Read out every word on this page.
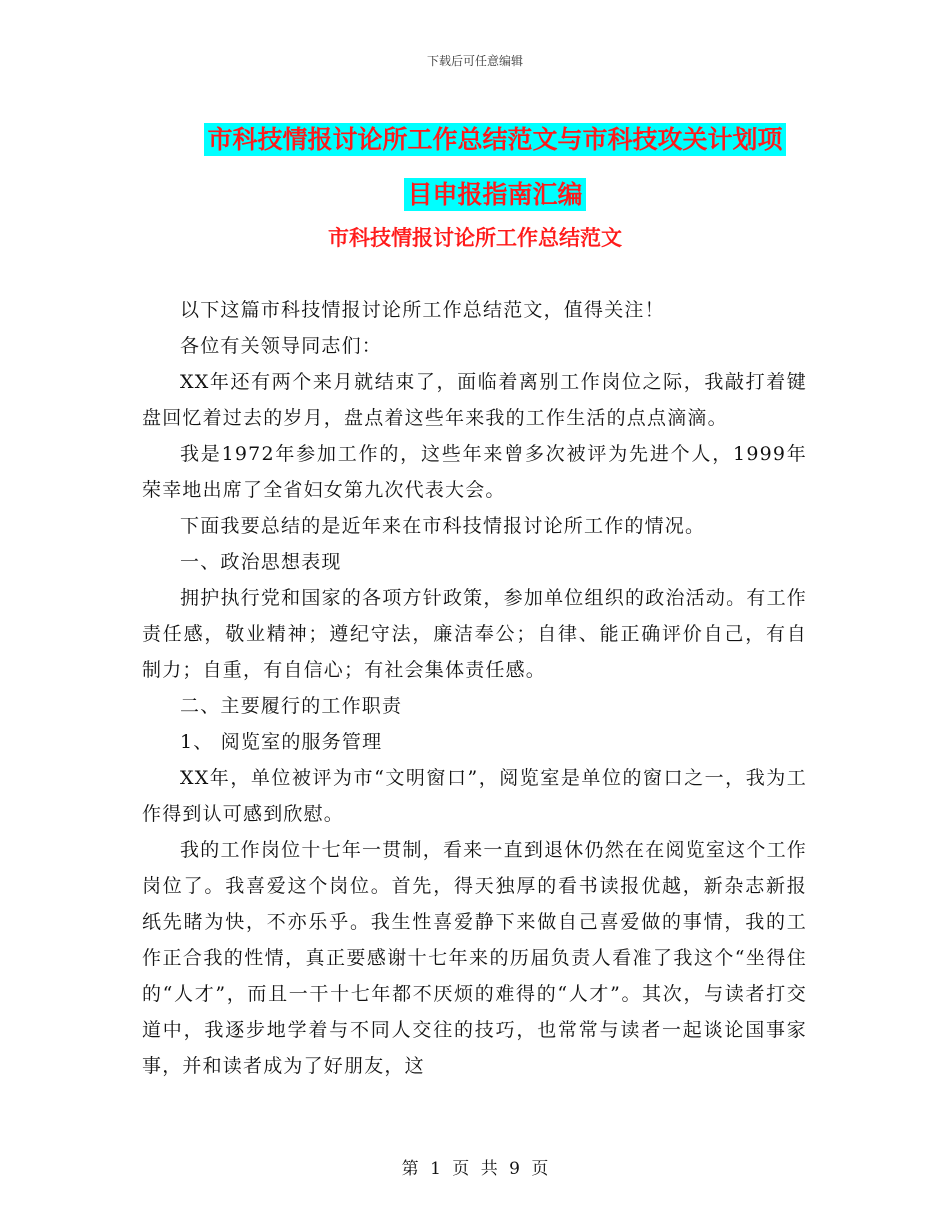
下载后可任意编辑
市科技情报讨论所工作总结范文与市科技攻关计划项
目申报指南汇编
市科技情报讨论所工作总结范文

以下这篇市科技情报讨论所工作总结范文，值得关注！

各位有关领导同志们：

XX年还有两个来月就结束了，面临着离别工作岗位之际，我敲打着键盘回忆着过去的岁月，盘点着这些年来我的工作生活的点点滴滴。

我是1972年参加工作的，这些年来曾多次被评为先进个人，1999年荣幸地出席了全省妇女第九次代表大会。

下面我要总结的是近年来在市科技情报讨论所工作的情况。

一、政治思想表现

拥护执行党和国家的各项方针政策，参加单位组织的政治活动。有工作责任感，敬业精神；遵纪守法，廉洁奉公；自律、能正确评价自己，有自制力；自重，有自信心；有社会集体责任感。

二、主要履行的工作职责

1、 阅览室的服务管理

XX年，单位被评为市“文明窗口”，阅览室是单位的窗口之一，我为工作得到认可感到欣慰。

我的工作岗位十七年一贯制，看来一直到退休仍然在在阅览室这个工作岗位了。我喜爱这个岗位。首先，得天独厚的看书读报优越，新杂志新报纸先睹为快，不亦乐乎。我生性喜爱静下来做自己喜爱做的事情，我的工作正合我的性情，真正要感谢十七年来的历届负责人看准了我这个“坐得住的“人才”，而且一干十七年都不厌烦的难得的“人才”。其次，与读者打交道中，我逐步地学着与不同人交往的技巧，也常常与读者一起谈论国事家事，并和读者成为了好朋友，这

第 1 页 共 9 页
